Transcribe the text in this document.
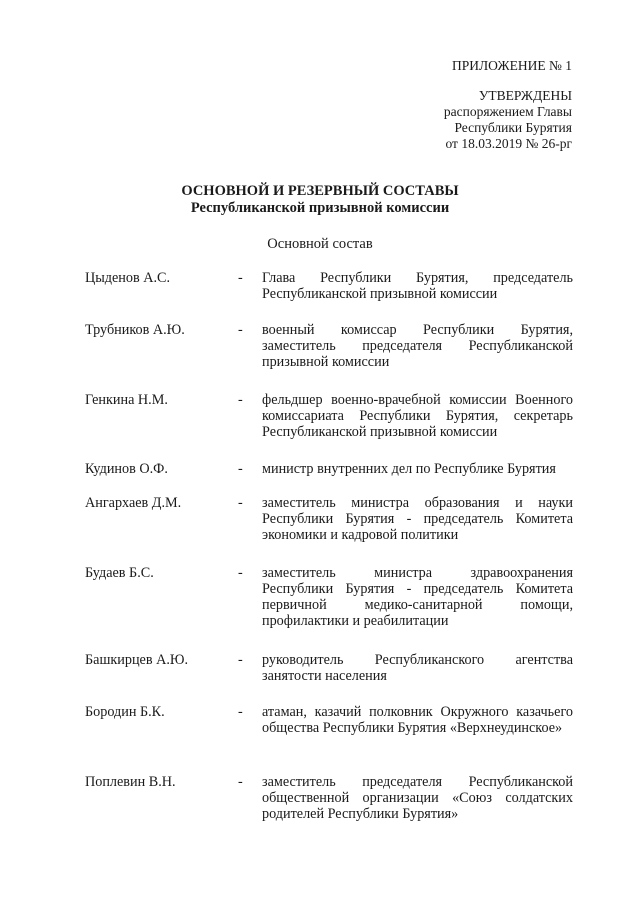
ПРИЛОЖЕНИЕ № 1
УТВЕРЖДЕНЫ
распоряжением Главы
Республики Бурятия
от 18.03.2019 № 26-рг
ОСНОВНОЙ И РЕЗЕРВНЫЙ СОСТАВЫ
Республиканской призывной комиссии
Основной состав
Цыденов А.С.	- Глава Республики Бурятия, председатель Республиканской призывной комиссии
Трубников А.Ю.	- военный комиссар Республики Бурятия, заместитель председателя Республиканской призывной комиссии
Генкина Н.М.	- фельдшер военно-врачебной комиссии Военного комиссариата Республики Бурятия, секретарь Республиканской призывной комиссии
Кудинов О.Ф.	- министр внутренних дел по Республике Бурятия
Ангархаев Д.М.	- заместитель министра образования и науки Республики Бурятия - председатель Комитета экономики и кадровой политики
Будаев Б.С.	- заместитель министра здравоохранения Республики Бурятия - председатель Комитета первичной медико-санитарной помощи, профилактики и реабилитации
Башкирцев А.Ю.	- руководитель Республиканского агентства занятости населения
Бородин Б.К.	- атаман, казачий полковник Окружного казачьего общества Республики Бурятия «Верхнеудинское»
Поплевин В.Н.	- заместитель председателя Республиканской общественной организации «Союз солдатских родителей Республики Бурятия»
